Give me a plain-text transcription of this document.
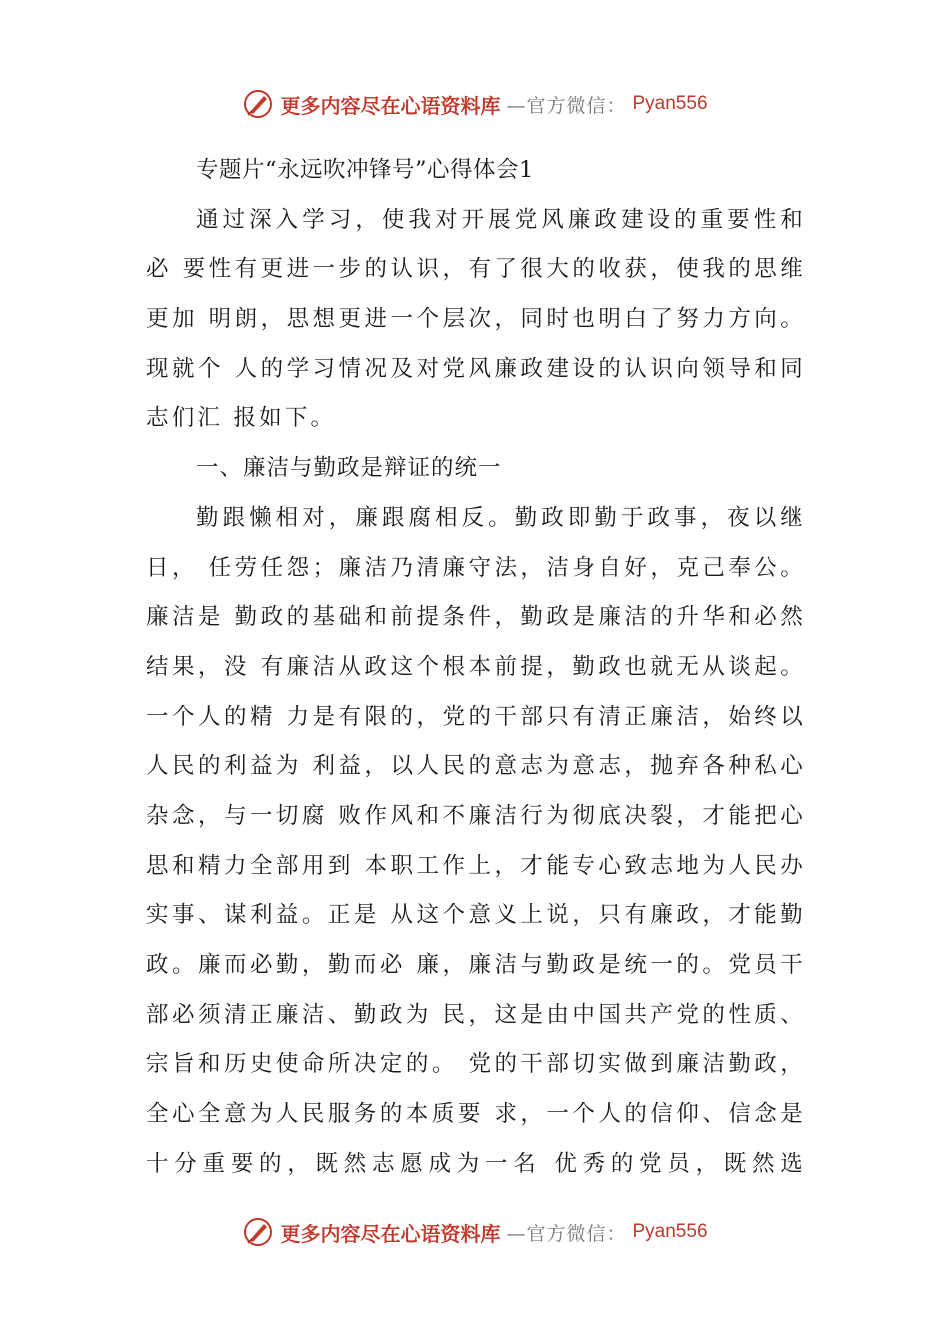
更多内容尽在心语资料库 —官方微信： Pyan556
专题片“永远吹冲锋号”心得体会1
通过深入学习，使我对开展党风廉政建设的重要性和
必 要性有更进一步的认识，有了很大的收获，使我的思维
更加 明朗，思想更进一个层次，同时也明白了努力方向。
现就个 人的学习情况及对党风廉政建设的认识向领导和同
志们汇 报如下。
一、廉洁与勤政是辩证的统一
勤跟懒相对，廉跟腐相反。勤政即勤于政事，夜以继
日， 任劳任怨；廉洁乃清廉守法，洁身自好，克己奉公。
廉洁是 勤政的基础和前提条件，勤政是廉洁的升华和必然
结果，没 有廉洁从政这个根本前提，勤政也就无从谈起。
一个人的精 力是有限的，党的干部只有清正廉洁，始终以
人民的利益为 利益，以人民的意志为意志，抛弃各种私心
杂念，与一切腐 败作风和不廉洁行为彻底决裂，才能把心
思和精力全部用到 本职工作上，才能专心致志地为人民办
实事、谋利益。正是 从这个意义上说，只有廉政，才能勤
政。廉而必勤，勤而必 廉，廉洁与勤政是统一的。党员干
部必须清正廉洁、勤政为 民，这是由中国共产党的性质、
宗旨和历史使命所决定的。 党的干部切实做到廉洁勤政，
全心全意为人民服务的本质要 求，一个人的信仰、信念是
十分重要的，既然志愿成为一名 优秀的党员，既然选
更多内容尽在心语资料库 —官方微信： Pyan556
